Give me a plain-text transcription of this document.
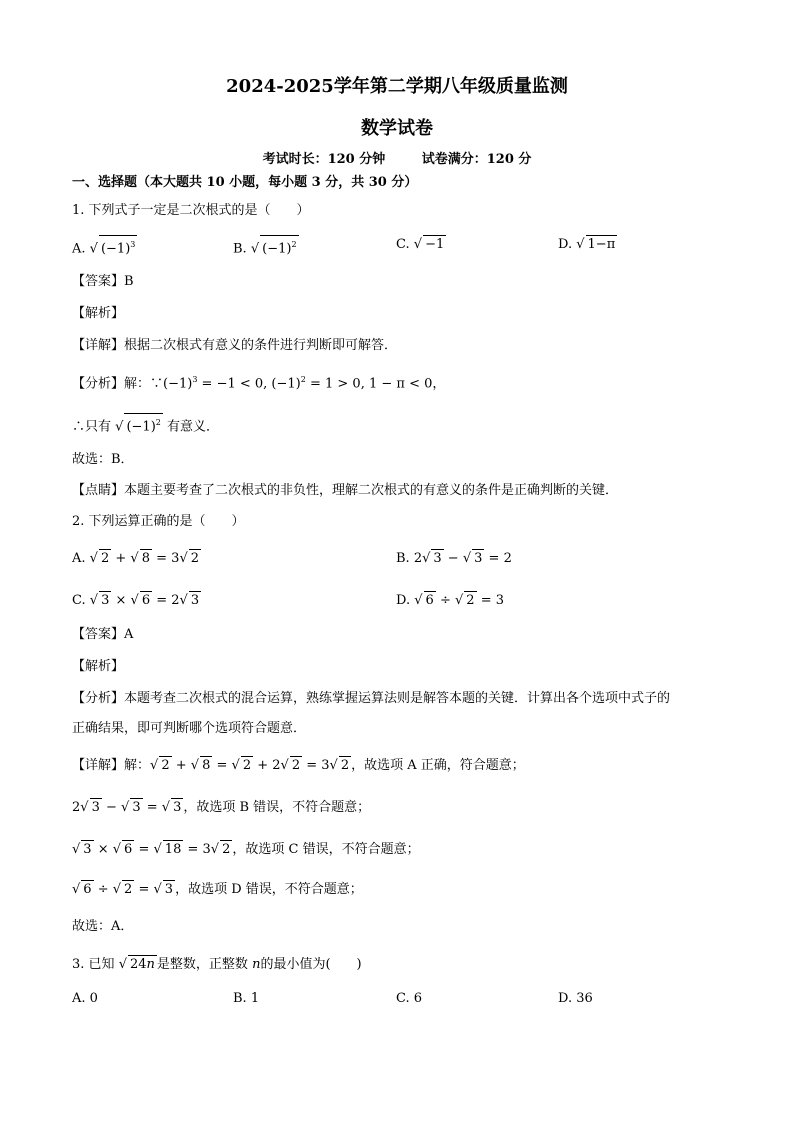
2024-2025学年第二学期八年级质量监测
数学试卷
考试时长：120 分钟	试卷满分：120 分
一、选择题（本大题共 10 小题，每小题 3 分，共 30 分）
1. 下列式子一定是二次根式的是（　　）
A. √ $(-1)^3$	B. √ $(-1)^2$	C. √ −1	D. √ 1−π
【答案】B
【解析】
【详解】根据二次根式有意义的条件进行判断即可解答．
【分析】解：$\because(-1)^3 = -1 < 0$, $(-1)^2 = 1 > 0$, 1 − π < 0，
∴只有 √ $(-1)^2$ 有意义．
故选：B．
【点睛】本题主要考查了二次根式的非负性，理解二次根式的有意义的条件是正确判断的关键．
2. 下列运算正确的是（　　）
A. √ 2 + √ 8 = 3√ 2	B. 2√ 3 − √ 3 = 2
C. √ 3 × √ 6 = 2√ 3	D. √ 6 ÷ √ 2 = 3
【答案】A
【解析】
【分析】本题考查二次根式的混合运算，熟练掌握运算法则是解答本题的关键．计算出各个选项中式子的
正确结果，即可判断哪个选项符合题意．
【详解】解：√ 2 + √ 8 = √ 2 + 2√ 2 = 3√ 2 ，故选项 A 正确，符合题意；
2√ 3 − √ 3 = √ 3 ，故选项 B 错误，不符合题意；
√ 3 × √ 6 = √ 18 = 3√ 2 ，故选项 C 错误，不符合题意；
√ 6 ÷ √ 2 = √ 3 ，故选项 D 错误，不符合题意；
故选：A．
3. 已知 √ 24n 是整数，正整数 n的最小值为(　　)
A. 0	B. 1	C. 6	D. 36
